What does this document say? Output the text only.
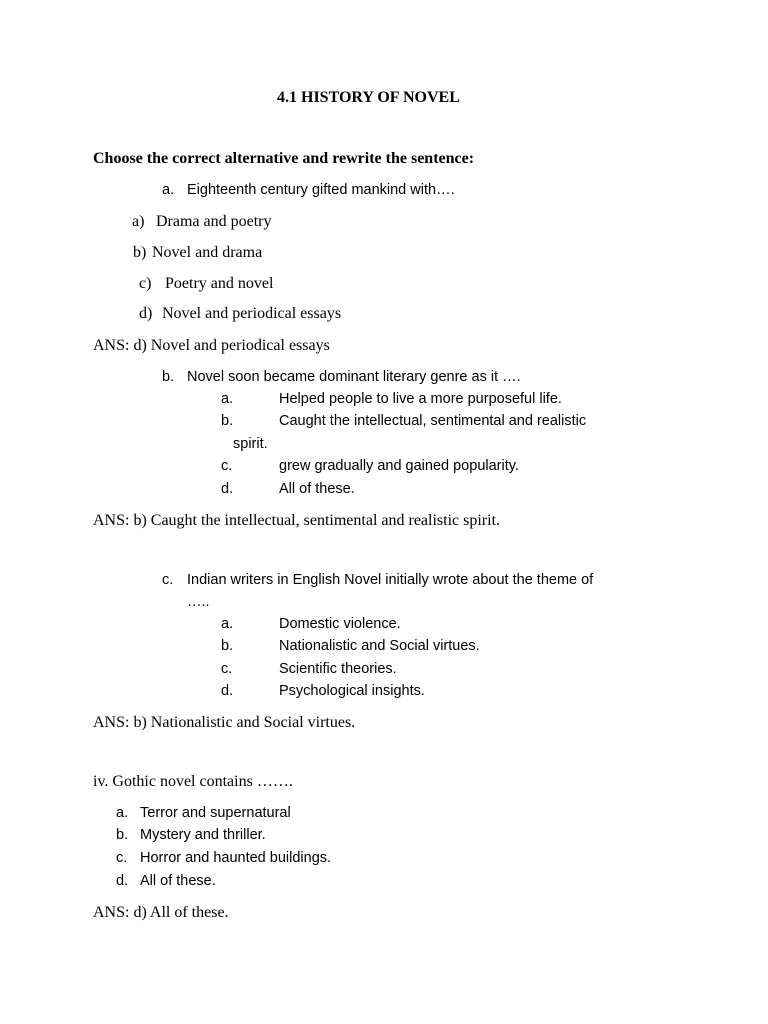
4.1 HISTORY OF NOVEL
Choose the correct alternative and rewrite the sentence:
a. Eighteenth century gifted mankind with….
a) Drama and poetry
b) Novel and drama
c) Poetry and novel
d) Novel and periodical essays
ANS: d) Novel and periodical essays
b. Novel soon became dominant literary genre as it ….
a.	Helped people to live a more purposeful life.
b.	Caught the intellectual, sentimental and realistic
spirit.
c.	grew gradually and gained popularity.
d.	All of these.
ANS: b) Caught the intellectual, sentimental and realistic spirit.
c. Indian writers in English Novel initially wrote about the theme of
…..
a.	Domestic violence.
b.	Nationalistic and Social virtues.
c.	Scientific theories.
d.	Psychological insights.
ANS: b) Nationalistic and Social virtues.
iv. Gothic novel contains …….
a. Terror and supernatural
b. Mystery and thriller.
c. Horror and haunted buildings.
d. All of these.
ANS: d) All of these.
